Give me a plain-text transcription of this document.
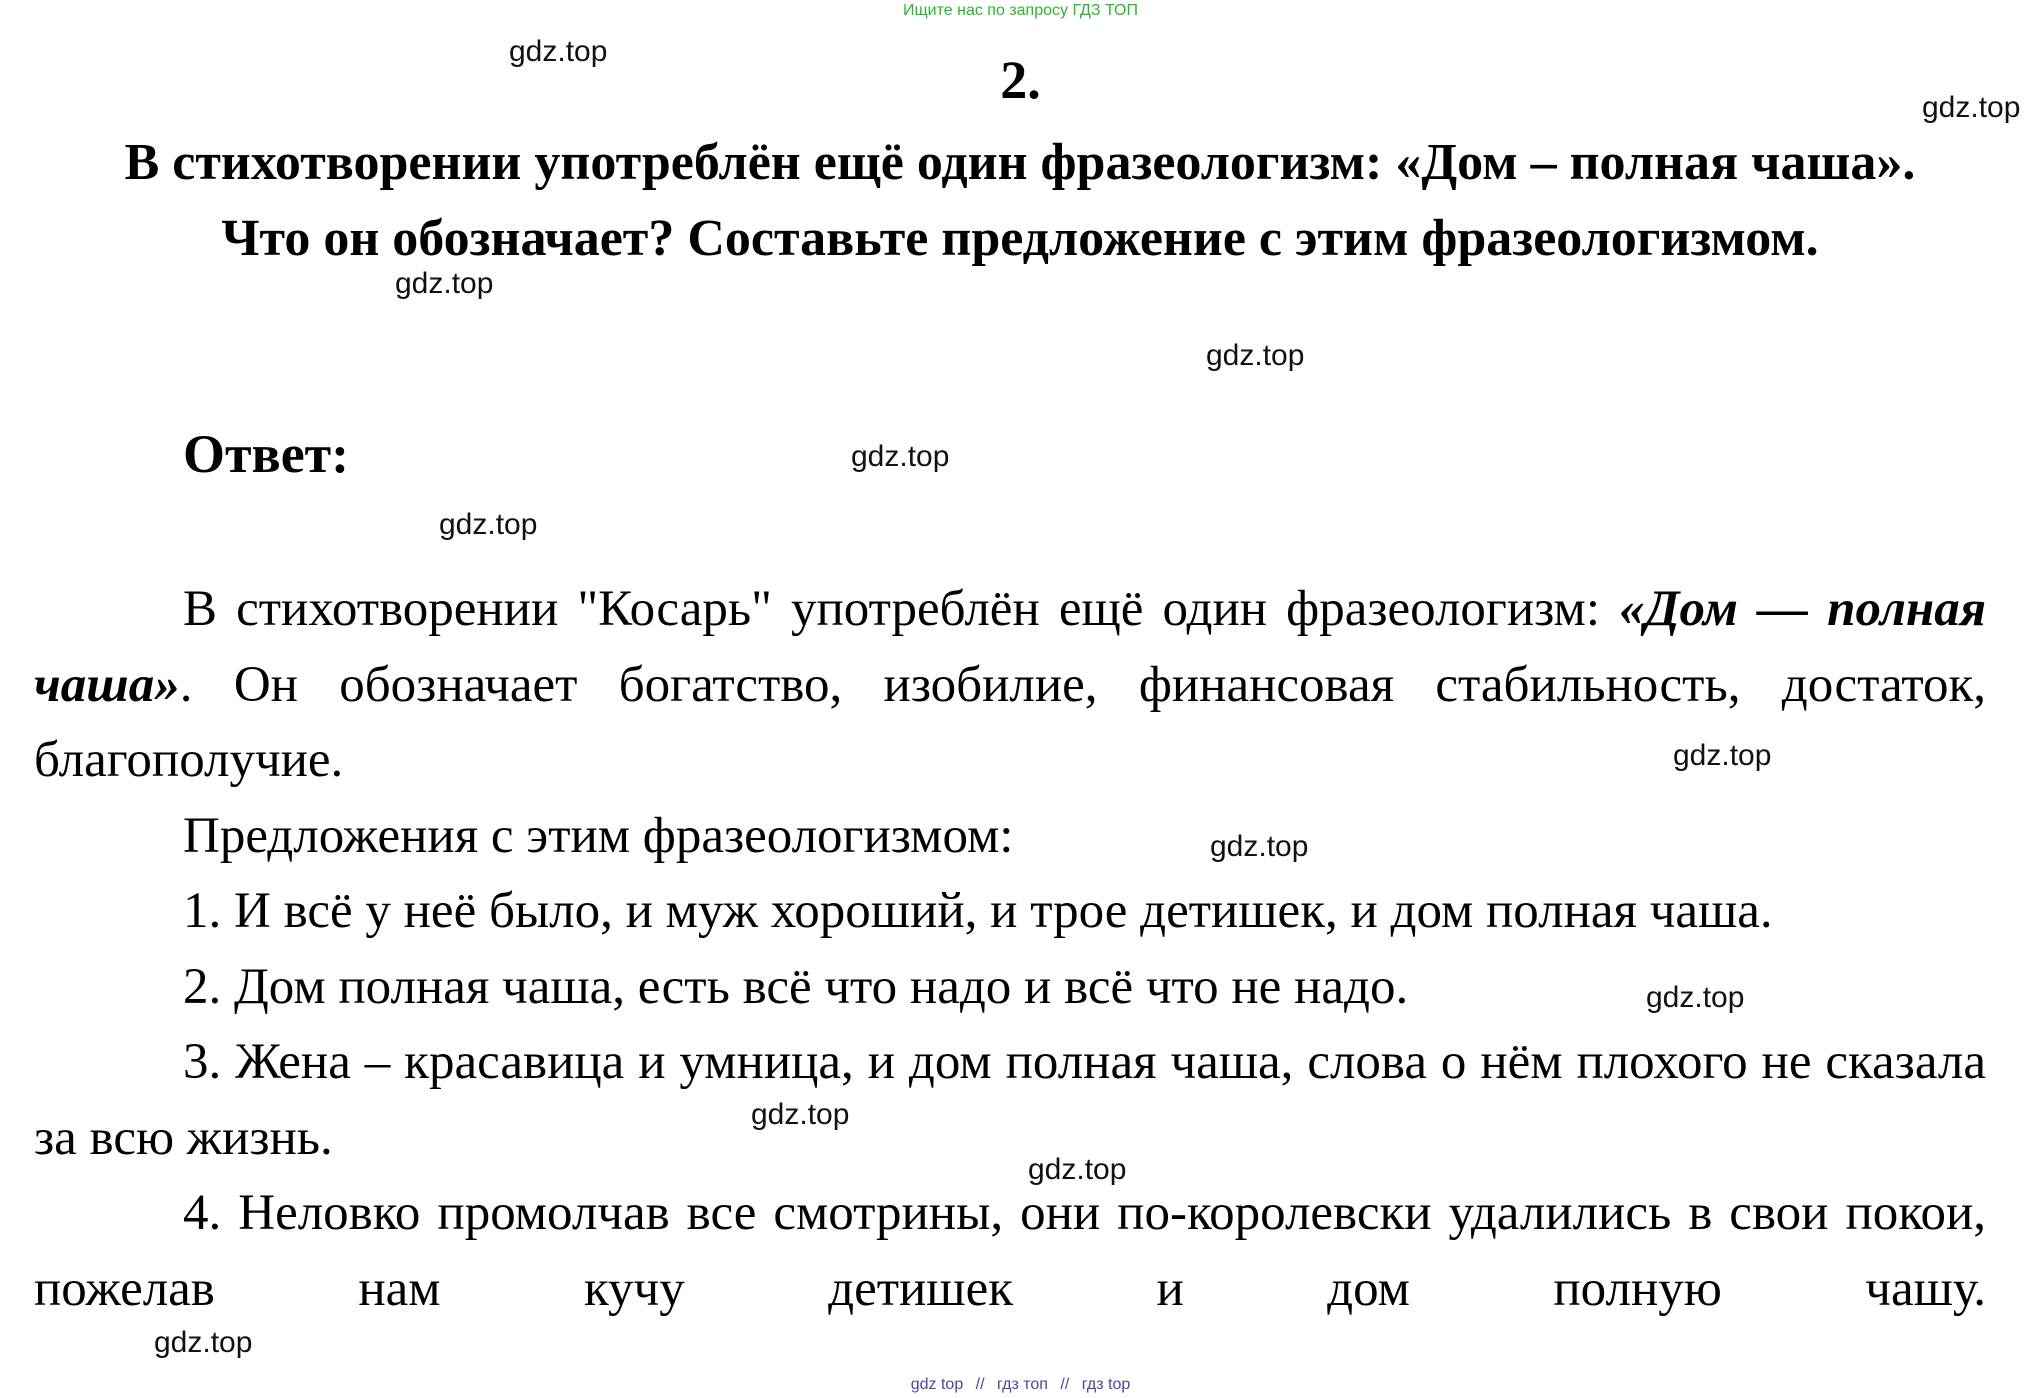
Ищите нас по запросу ГДЗ ТОП
2.

В стихотворении употреблён ещё один фразеологизм: «Дом – полная чаша». Что он обозначает? Составьте предложение с этим фразеологизмом.

Ответ:

В стихотворении "Косарь" употреблён ещё один фразеологизм: «Дом — полная чаша». Он обозначает богатство, изобилие, финансовая стабильность, достаток, благополучие.

Предложения с этим фразеологизмом:

1. И всё у неё было, и муж хороший, и трое детишек, и дом полная чаша.

2. Дом полная чаша, есть всё что надо и всё что не надо.

3. Жена – красавица и умница, и дом полная чаша, слова о нём плохого не сказала за всю жизнь.

4. Неловко промолчав все смотрины, они по-королевски удалились в свои покои, пожелав нам кучу детишек и дом полную чашу.

gdz.top
gdz.top
gdz.top
gdz.top
gdz.top
gdz.top
gdz.top
gdz.top
gdz.top
gdz.top
gdz.top
gdz.top
gdz top // гдз топ // гдз top
